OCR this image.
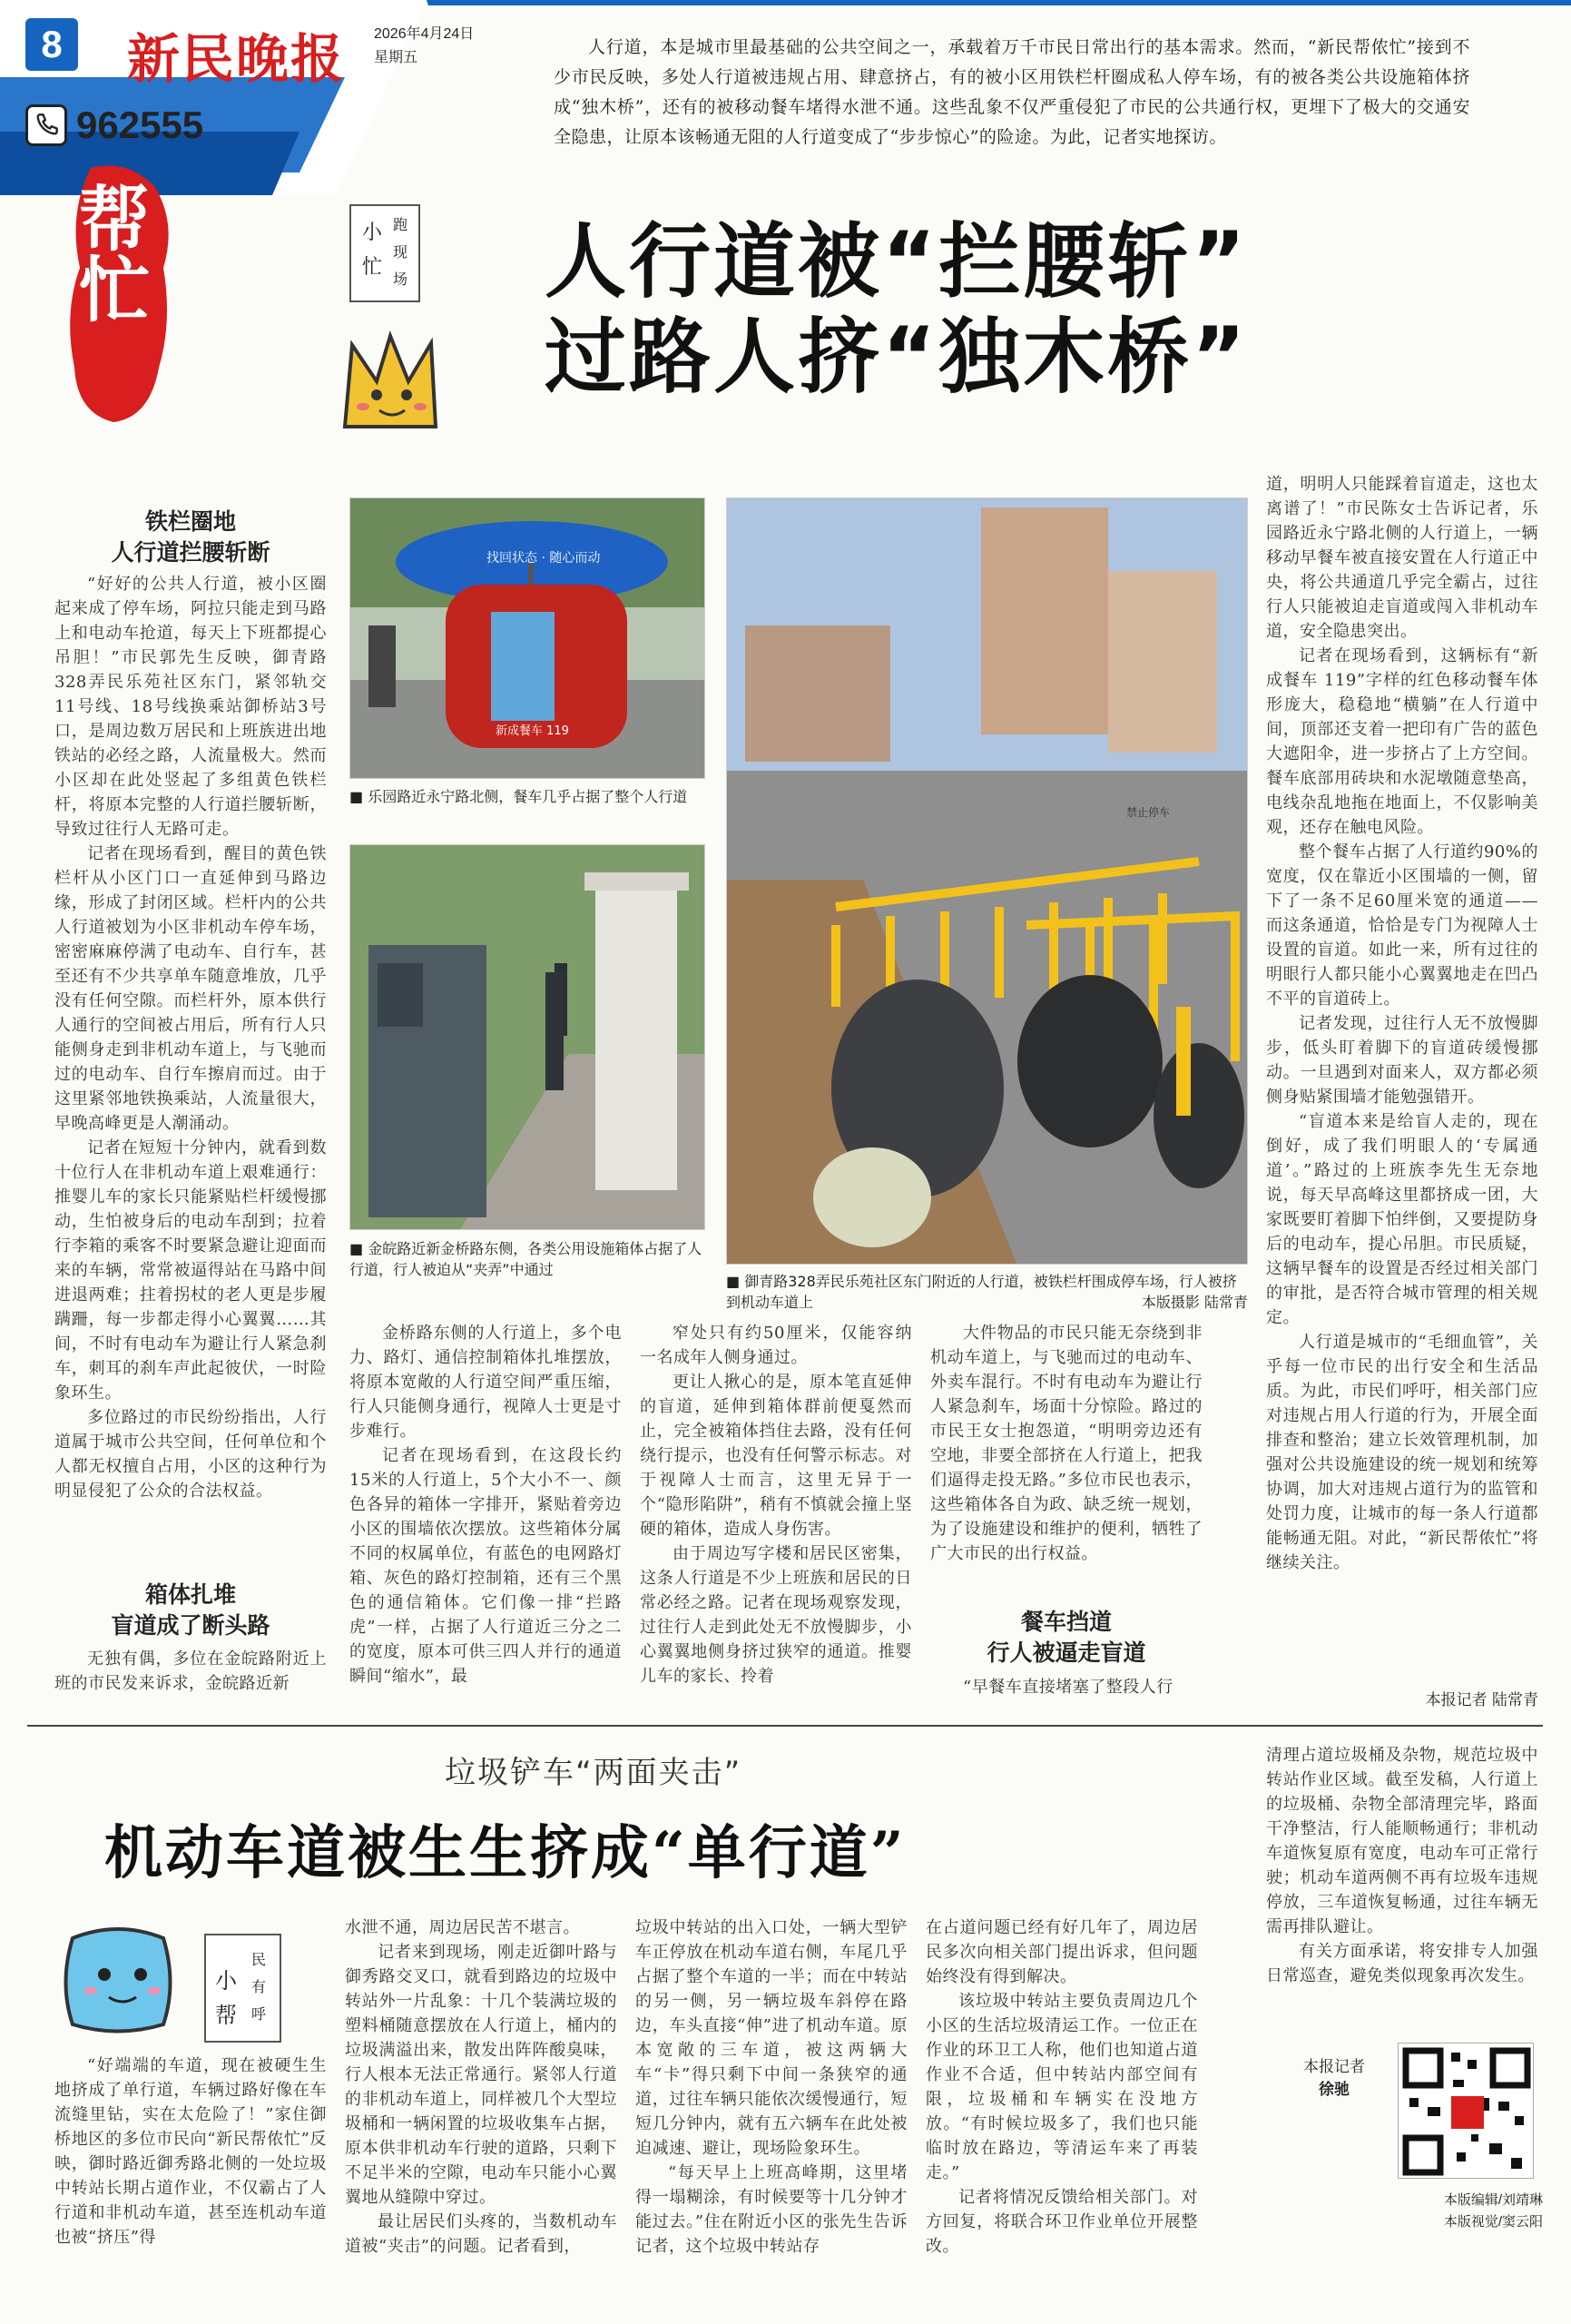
8 新民晚报 2026年4月24日
星期五
962555
人行道，本是城市里最基础的公共空间之一，承载着万千市民日常出行的基本需求。然而，“新民帮侬忙”接到不少市民反映，多处人行道被违规占用、肆意挤占，有的被小区用铁栏杆圈成私人停车场，有的被各类公共设施箱体挤成“独木桥”，还有的被移动餐车堵得水泄不通。这些乱象不仅严重侵犯了市民的公共通行权，更埋下了极大的交通安全隐患，让原本该畅通无阻的人行道变成了“步步惊心”的险途。为此，记者实地探访。
帮忙	小
忙
跑
现
场 人行道被“拦腰斩”
过路人挤“独木桥”
铁栏圈地
人行道拦腰斩断

“好好的公共人行道，被小区圈起来成了停车场，阿拉只能走到马路上和电动车抢道，每天上下班都提心吊胆！”市民郭先生反映，御青路328弄民乐苑社区东门，紧邻轨交11号线、18号线换乘站御桥站3号口，是周边数万居民和上班族进出地铁站的必经之路，人流量极大。然而小区却在此处竖起了多组黄色铁栏杆，将原本完整的人行道拦腰斩断，导致过往行人无路可走。

记者在现场看到，醒目的黄色铁栏杆从小区门口一直延伸到马路边缘，形成了封闭区域。栏杆内的公共人行道被划为小区非机动车停车场，密密麻麻停满了电动车、自行车，甚至还有不少共享单车随意堆放，几乎没有任何空隙。而栏杆外，原本供行人通行的空间被占用后，所有行人只能侧身走到非机动车道上，与飞驰而过的电动车、自行车擦肩而过。由于这里紧邻地铁换乘站，人流量很大，早晚高峰更是人潮涌动。

记者在短短十分钟内，就看到数十位行人在非机动车道上艰难通行：推婴儿车的家长只能紧贴栏杆缓慢挪动，生怕被身后的电动车刮到；拉着行李箱的乘客不时要紧急避让迎面而来的车辆，常常被逼得站在马路中间进退两难；拄着拐杖的老人更是步履蹒跚，每一步都走得小心翼翼……其间，不时有电动车为避让行人紧急刹车，刺耳的刹车声此起彼伏，一时险象环生。

多位路过的市民纷纷指出，人行道属于城市公共空间，任何单位和个人都无权擅自占用，小区的这种行为明显侵犯了公众的合法权益。

箱体扎堆
盲道成了断头路

无独有偶，多位在金皖路附近上班的市民发来诉求，金皖路近新

找回状态 · 随心而动
新成餐车 119
■ 乐园路近永宁路北侧，餐车几乎占据了整个人行道
■ 金皖路近新金桥路东侧，各类公用设施箱体占据了人行道，行人被迫从“夹弄”中通过
禁止停车
■ 御青路328弄民乐苑社区东门附近的人行道，被铁栏杆围成停车场，行人被挤到机动车道上	本版摄影 陆常青

金桥路东侧的人行道上，多个电力、路灯、通信控制箱体扎堆摆放，将原本宽敞的人行道空间严重压缩，行人只能侧身通行，视障人士更是寸步难行。

记者在现场看到，在这段长约15米的人行道上，5个大小不一、颜色各异的箱体一字排开，紧贴着旁边小区的围墙依次摆放。这些箱体分属不同的权属单位，有蓝色的电网路灯箱、灰色的路灯控制箱，还有三个黑色的通信箱体。它们像一排“拦路虎”一样，占据了人行道近三分之二的宽度，原本可供三四人并行的通道瞬间“缩水”，最

窄处只有约50厘米，仅能容纳一名成年人侧身通过。

更让人揪心的是，原本笔直延伸的盲道，延伸到箱体群前便戛然而止，完全被箱体挡住去路，没有任何绕行提示，也没有任何警示标志。对于视障人士而言，这里无异于一个“隐形陷阱”，稍有不慎就会撞上坚硬的箱体，造成人身伤害。

由于周边写字楼和居民区密集，这条人行道是不少上班族和居民的日常必经之路。记者在现场观察发现，过往行人走到此处无不放慢脚步，小心翼翼地侧身挤过狭窄的通道。推婴儿车的家长、拎着

大件物品的市民只能无奈绕到非机动车道上，与飞驰而过的电动车、外卖车混行。不时有电动车为避让行人紧急刹车，场面十分惊险。路过的市民王女士抱怨道，“明明旁边还有空地，非要全部挤在人行道上，把我们逼得走投无路。”多位市民也表示，这些箱体各自为政、缺乏统一规划，为了设施建设和维护的便利，牺牲了广大市民的出行权益。

餐车挡道
行人被逼走盲道

“早餐车直接堵塞了整段人行

道，明明人只能踩着盲道走，这也太离谱了！”市民陈女士告诉记者，乐园路近永宁路北侧的人行道上，一辆移动早餐车被直接安置在人行道正中央，将公共通道几乎完全霸占，过往行人只能被迫走盲道或闯入非机动车道，安全隐患突出。

记者在现场看到，这辆标有“新成餐车 119”字样的红色移动餐车体形庞大，稳稳地“横躺”在人行道中间，顶部还支着一把印有广告的蓝色大遮阳伞，进一步挤占了上方空间。餐车底部用砖块和水泥墩随意垫高，电线杂乱地拖在地面上，不仅影响美观，还存在触电风险。

整个餐车占据了人行道约90%的宽度，仅在靠近小区围墙的一侧，留下了一条不足60厘米宽的通道——而这条通道，恰恰是专门为视障人士设置的盲道。如此一来，所有过往的明眼行人都只能小心翼翼地走在凹凸不平的盲道砖上。

记者发现，过往行人无不放慢脚步，低头盯着脚下的盲道砖缓慢挪动。一旦遇到对面来人，双方都必须侧身贴紧围墙才能勉强错开。

“盲道本来是给盲人走的，现在倒好，成了我们明眼人的‘专属通道’。”路过的上班族李先生无奈地说，每天早高峰这里都挤成一团，大家既要盯着脚下怕绊倒，又要提防身后的电动车，提心吊胆。市民质疑，这辆早餐车的设置是否经过相关部门的审批，是否符合城市管理的相关规定。

人行道是城市的“毛细血管”，关乎每一位市民的出行安全和生活品质。为此，市民们呼吁，相关部门应对违规占用人行道的行为，开展全面排查和整治；建立长效管理机制，加强对公共设施建设的统一规划和统筹协调，加大对违规占道行为的监管和处罚力度，让城市的每一条人行道都能畅通无阻。对此，“新民帮侬忙”将继续关注。

本报记者 陆常青
垃圾铲车“两面夹击”
机动车道被生生挤成“单行道”
小
帮
民
有
呼

“好端端的车道，现在被硬生生地挤成了单行道，车辆过路好像在车流缝里钻，实在太危险了！”家住御桥地区的多位市民向“新民帮侬忙”反映，御时路近御秀路北侧的一处垃圾中转站长期占道作业，不仅霸占了人行道和非机动车道，甚至连机动车道也被“挤压”得

水泄不通，周边居民苦不堪言。

记者来到现场，刚走近御叶路与御秀路交叉口，就看到路边的垃圾中转站外一片乱象：十几个装满垃圾的塑料桶随意摆放在人行道上，桶内的垃圾满溢出来，散发出阵阵酸臭味，行人根本无法正常通行。紧邻人行道的非机动车道上，同样被几个大型垃圾桶和一辆闲置的垃圾收集车占据，原本供非机动车行驶的道路，只剩下不足半米的空隙，电动车只能小心翼翼地从缝隙中穿过。

最让居民们头疼的，当数机动车道被“夹击”的问题。记者看到，

垃圾中转站的出入口处，一辆大型铲车正停放在机动车道右侧，车尾几乎占据了整个车道的一半；而在中转站的另一侧，另一辆垃圾车斜停在路边，车头直接“伸”进了机动车道。原本宽敞的三车道，被这两辆大车“卡”得只剩下中间一条狭窄的通道，过往车辆只能依次缓慢通行，短短几分钟内，就有五六辆车在此处被迫减速、避让，现场险象环生。

“每天早上上班高峰期，这里堵得一塌糊涂，有时候要等十几分钟才能过去。”住在附近小区的张先生告诉记者，这个垃圾中转站存

在占道问题已经有好几年了，周边居民多次向相关部门提出诉求，但问题始终没有得到解决。

该垃圾中转站主要负责周边几个小区的生活垃圾清运工作。一位正在作业的环卫工人称，他们也知道占道作业不合适，但中转站内部空间有限，垃圾桶和车辆实在没地方放。“有时候垃圾多了，我们也只能临时放在路边，等清运车来了再装走。”

记者将情况反馈给相关部门。对方回复，将联合环卫作业单位开展整改。

清理占道垃圾桶及杂物，规范垃圾中转站作业区域。截至发稿，人行道上的垃圾桶、杂物全部清理完毕，路面干净整洁，行人能顺畅通行；非机动车道恢复原有宽度，电动车可正常行驶；机动车道两侧不再有垃圾车违规停放，三车道恢复畅通，过往车辆无需再排队避让。

有关方面承诺，将安排专人加强日常巡查，避免类似现象再次发生。

本报记者
徐驰
本版编辑/刘靖琳
本版视觉/窦云阳
